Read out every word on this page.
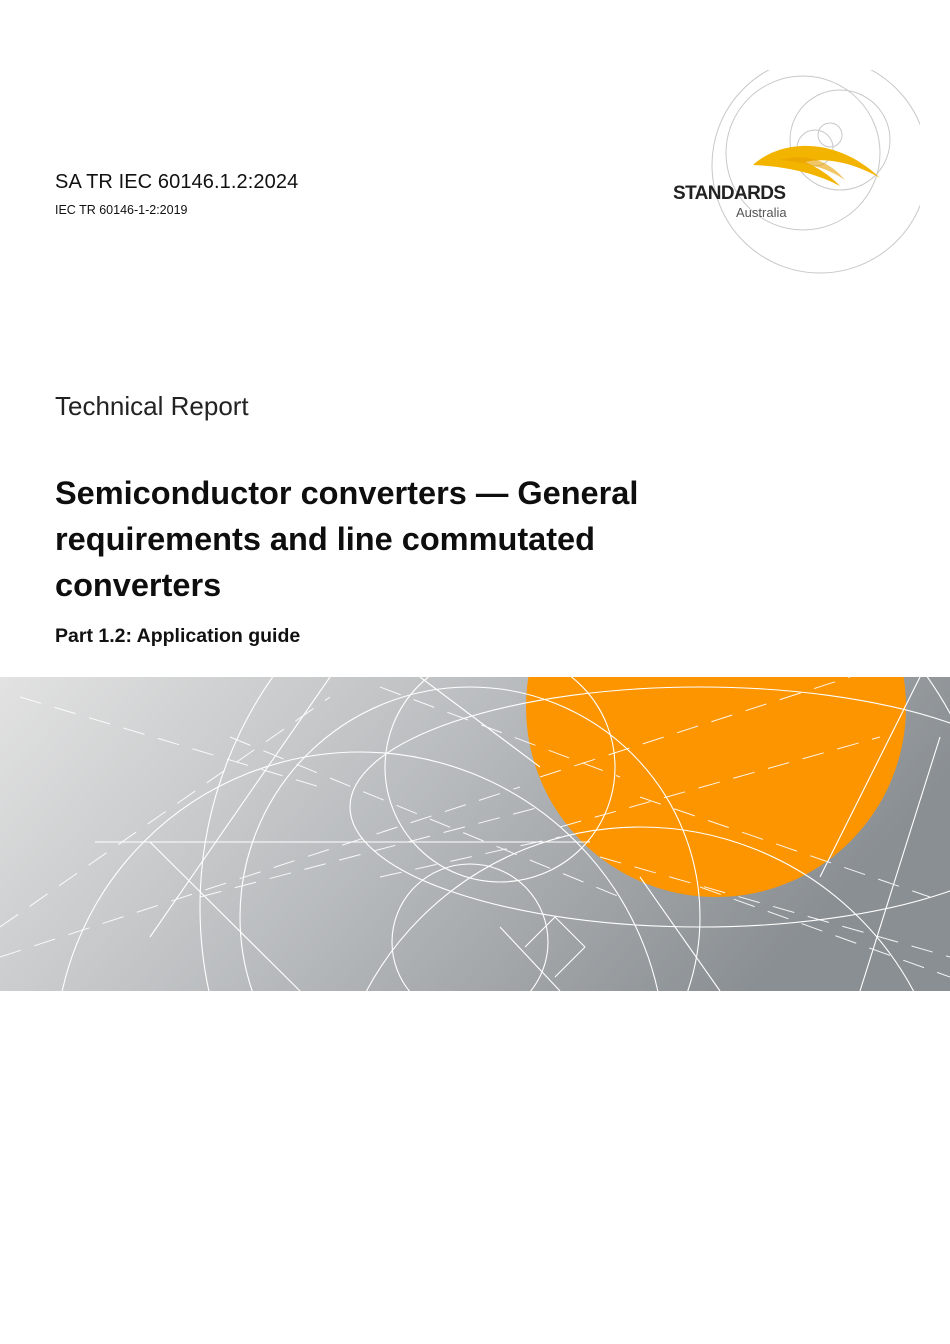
SA TR IEC 60146.1.2:2024
IEC TR 60146-1-2:2019
STANDARDS
Australia
Technical Report
Semiconductor converters — General requirements and line commutated converters
Part 1.2: Application guide
